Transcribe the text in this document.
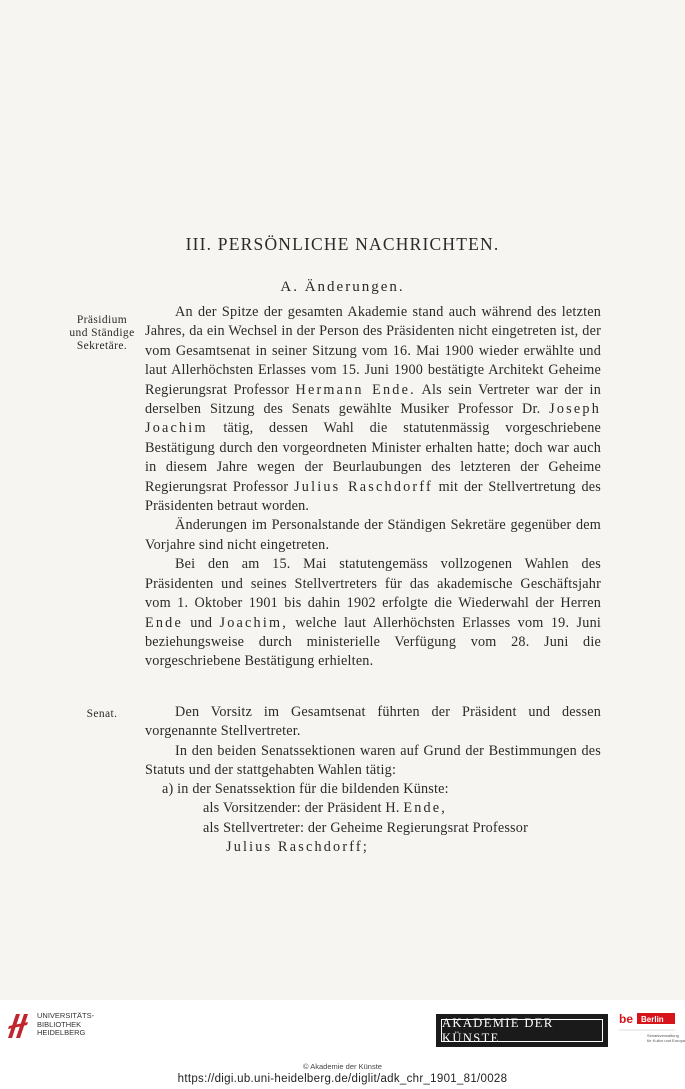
III. PERSÖNLICHE NACHRICHTEN.
A. Änderungen.
Präsidium
und Ständige
Sekretäre.

An der Spitze der gesamten Akademie stand auch während des letzten Jahres, da ein Wechsel in der Person des Präsidenten nicht eingetreten ist, der vom Gesamtsenat in seiner Sitzung vom 16. Mai 1900 wieder erwählte und laut Allerhöchsten Erlasses vom 15. Juni 1900 bestätigte Architekt Geheime Regierungsrat Professor Hermann Ende. Als sein Vertreter war der in derselben Sitzung des Senats gewählte Musiker Professor Dr. Joseph Joachim tätig, dessen Wahl die statutenmässig vorgeschriebene Bestätigung durch den vorgeordneten Minister erhalten hatte; doch war auch in diesem Jahre wegen der Beurlaubungen des letzteren der Geheime Regierungsrat Professor Julius Raschdorff mit der Stellvertretung des Präsidenten betraut worden.

Änderungen im Personalstande der Ständigen Sekretäre gegenüber dem Vorjahre sind nicht eingetreten.

Bei den am 15. Mai statutengemäss vollzogenen Wahlen des Präsidenten und seines Stellvertreters für das akademische Geschäftsjahr vom 1. Oktober 1901 bis dahin 1902 erfolgte die Wiederwahl der Herren Ende und Joachim, welche laut Allerhöchsten Erlasses vom 19. Juni beziehungsweise durch ministerielle Verfügung vom 28. Juni die vorgeschriebene Bestätigung erhielten.

Senat.	Den Vorsitz im Gesamtsenat führten der Präsident und dessen vorgenannte Stellvertreter.

In den beiden Senatssektionen waren auf Grund der Bestimmungen des Statuts und der stattgehabten Wahlen tätig:

a) in der Senatssektion für die bildenden Künste:
als Vorsitzender: der Präsident H. Ende,
als Stellvertreter: der Geheime Regierungsrat Professor
Julius Raschdorff;
UNIVERSITÄTS-
BIBLIOTHEK
HEIDELBERG
AKADEMIE DER KÜNSTE
be Berlin
Senatsverwaltung
für Kultur und Europa
© Akademie der Künste
https://digi.ub.uni-heidelberg.de/diglit/adk_chr_1901_81/0028
